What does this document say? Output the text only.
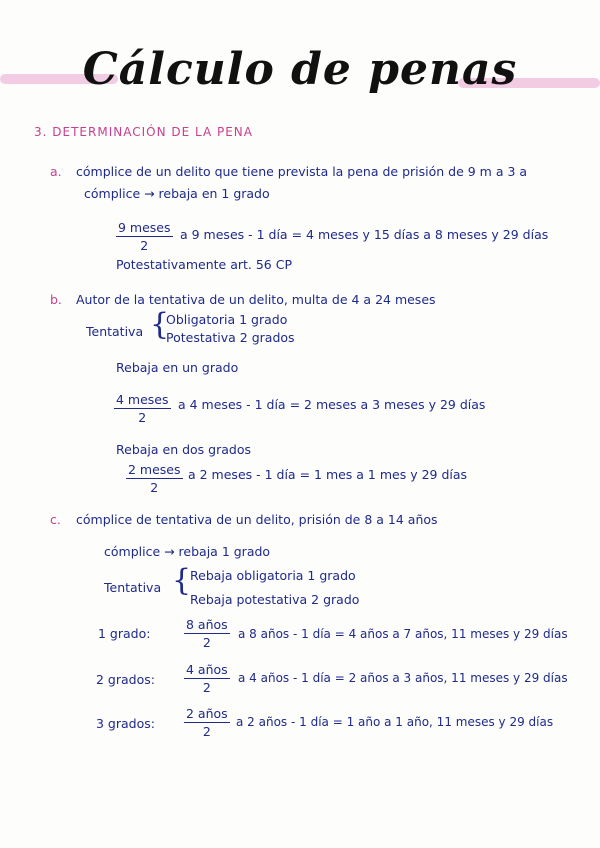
Cálculo de penas
3. DETERMINACIÓN DE LA PENA
a. cómplice de un delito que tiene prevista la pena de prisión de 9 m a 3 a
cómplice → rebaja en 1 grado
9 meses
2
a 9 meses - 1 día = 4 meses y 15 días a 8 meses y 29 días
Potestativamente art. 56 CP
b. Autor de la tentativa de un delito, multa de 4 a 24 meses
Tentativa {
Obligatoria 1 grado
Potestativa 2 grados
Rebaja en un grado
4 meses
2
a 4 meses - 1 día = 2 meses a 3 meses y 29 días
Rebaja en dos grados
2 meses
2
a 2 meses - 1 día = 1 mes a 1 mes y 29 días
c. cómplice de tentativa de un delito, prisión de 8 a 14 años
cómplice → rebaja 1 grado
Tentativa {
Rebaja obligatoria 1 grado
Rebaja potestativa 2 grado
1 grado:
8 años
2
a 8 años - 1 día = 4 años a 7 años, 11 meses y 29 días
2 grados:
4 años
2
a 4 años - 1 día = 2 años a 3 años, 11 meses y 29 días
3 grados:
2 años
2
a 2 años - 1 día = 1 año a 1 año, 11 meses y 29 días
